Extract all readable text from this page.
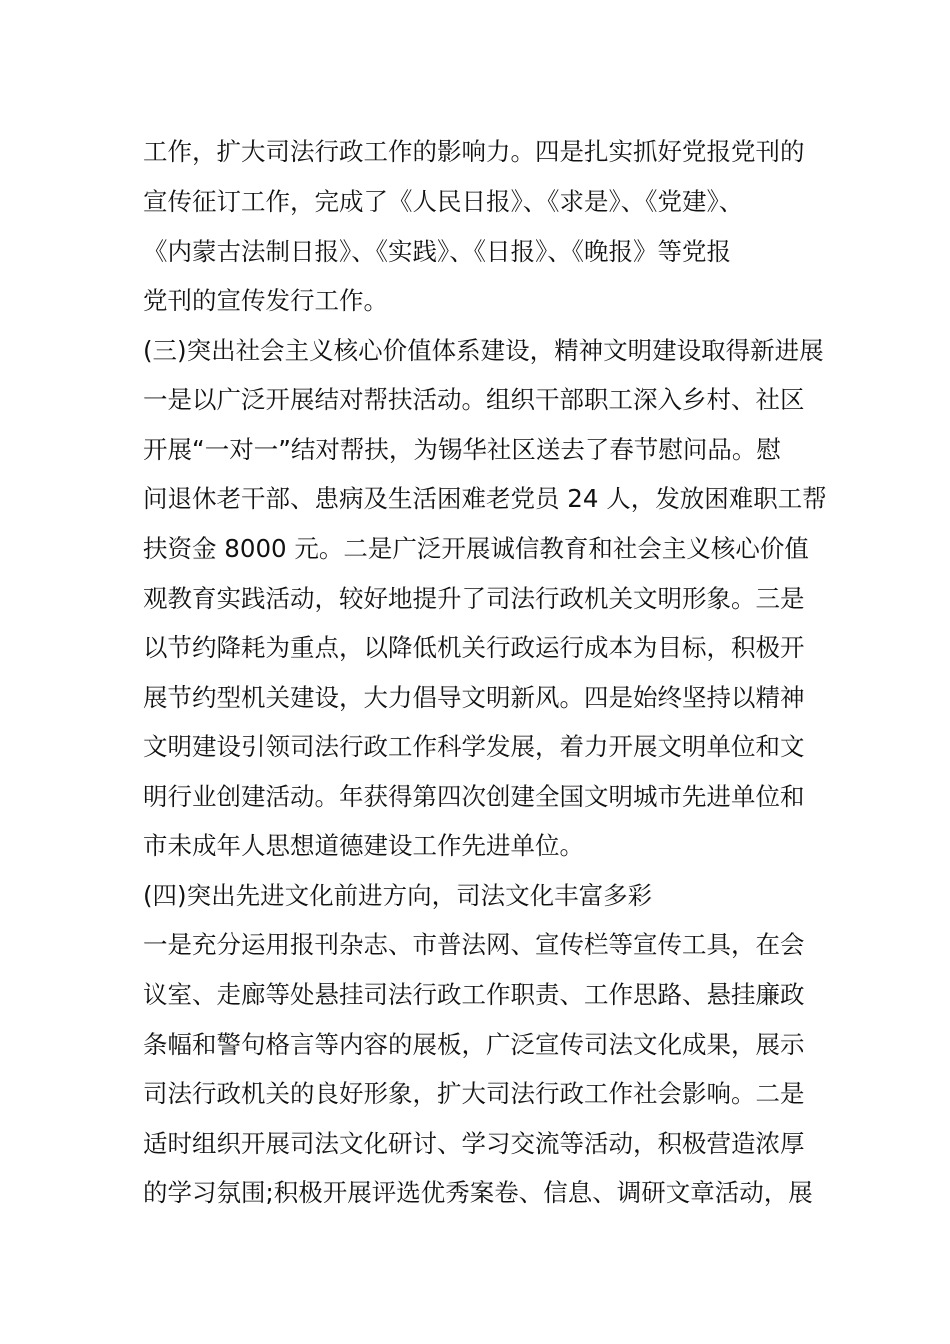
工作，扩大司法行政工作的影响力。四是扎实抓好党报党刊的
宣传征订工作，完成了《人民日报》、《求是》、《党建》、
《内蒙古法制日报》、《实践》、《日报》、《晚报》等党报
党刊的宣传发行工作。
(三)突出社会主义核心价值体系建设，精神文明建设取得新进展
一是以广泛开展结对帮扶活动。组织干部职工深入乡村、社区
开展“一对一”结对帮扶，为锡华社区送去了春节慰问品。慰
问退休老干部、患病及生活困难老党员 24 人，发放困难职工帮
扶资金 8000 元。二是广泛开展诚信教育和社会主义核心价值
观教育实践活动，较好地提升了司法行政机关文明形象。三是
以节约降耗为重点，以降低机关行政运行成本为目标，积极开
展节约型机关建设，大力倡导文明新风。四是始终坚持以精神
文明建设引领司法行政工作科学发展，着力开展文明单位和文
明行业创建活动。年获得第四次创建全国文明城市先进单位和
市未成年人思想道德建设工作先进单位。
(四)突出先进文化前进方向，司法文化丰富多彩
一是充分运用报刊杂志、市普法网、宣传栏等宣传工具，在会
议室、走廊等处悬挂司法行政工作职责、工作思路、悬挂廉政
条幅和警句格言等内容的展板，广泛宣传司法文化成果，展示
司法行政机关的良好形象，扩大司法行政工作社会影响。二是
适时组织开展司法文化研讨、学习交流等活动，积极营造浓厚
的学习氛围;积极开展评选优秀案卷、信息、调研文章活动，展
